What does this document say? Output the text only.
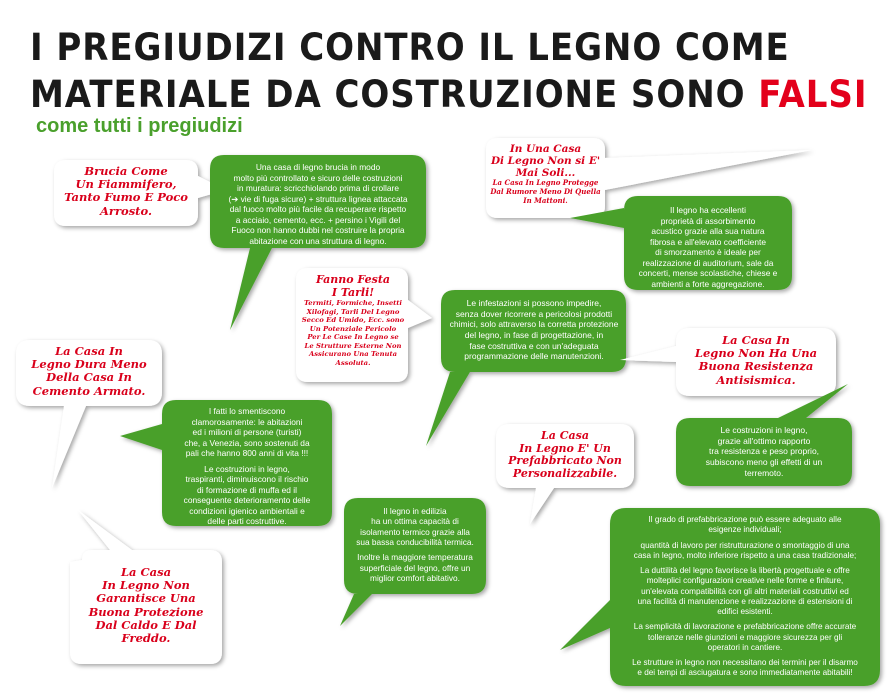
I PREGIUDIZI CONTRO IL LEGNO COME
MATERIALE DA COSTRUZIONE SONO FALSI
come tutti i pregiudizi
Brucia Come
Un Fiammifero,
Tanto Fumo E Poco
Arrosto.
In Una Casa
Di Legno Non si E'
Mai Soli...
La Casa In Legno Protegge
Dal Rumore Meno Di Quella
In Mattoni.
Fanno Festa
I Tarli!
Termiti, Formiche, Insetti
Xilofagi, Tarli Del Legno
Secco Ed Umido, Ecc. sono
Un Potenziale Pericolo
Per Le Case In Legno se
Le Strutture Esterne Non
Assicurano Una Tenuta
Assoluta.
La Casa In
Legno Dura Meno
Della Casa In
Cemento Armato.
La Casa In
Legno Non Ha Una
Buona Resistenza
Antisismica.
La Casa
In Legno E' Un
Prefabbricato Non
Personalizzabile.
La Casa
In Legno Non
Garantisce Una
Buona Protezione
Dal Caldo E Dal
Freddo.
Una casa di legno brucia in modo
molto più controllato e sicuro delle costruzioni
in muratura: scricchiolando prima di crollare
(➔ vie di fuga sicure) + struttura lignea attaccata
dal fuoco molto più facile da recuperare rispetto
a acciaio, cemento, ecc. + persino i Vigili del
Fuoco non hanno dubbi nel costruire la propria
abitazione con una struttura di legno.
Il legno ha eccellenti
proprietà di assorbimento
acustico grazie alla sua natura
fibrosa e all'elevato coefficiente
di smorzamento è ideale per
realizzazione di auditorium, sale da
concerti, mense scolastiche, chiese e
ambienti a forte aggregazione.
Le infestazioni si possono impedire,
senza dover ricorrere a pericolosi prodotti
chimici, solo attraverso la corretta protezione
del legno, in fase di progettazione, in
fase costruttiva e con un'adeguata
programmazione delle manutenzioni.

I fatti lo smentiscono
clamorosamente: le abitazioni
ed i milioni di persone (turisti)
che, a Venezia, sono sostenuti da
pali che hanno 800 anni di vita !!!

Le costruzioni in legno,
traspiranti, diminuiscono il rischio
di formazione di muffa ed il
conseguente deterioramento delle
condizioni igienico ambientali e
delle parti costruttive.

Le costruzioni in legno,
grazie all'ottimo rapporto
tra resistenza e peso proprio,
subiscono meno gli effetti di un
terremoto.

Il legno in edilizia
ha un ottima capacità di
isolamento termico grazie alla
sua bassa conducibilità termica.

Inoltre la maggiore temperatura
superficiale del legno, offre un
miglior comfort abitativo.

Il grado di prefabbricazione può essere adeguato alle
esigenze individuali;

quantità di lavoro per ristrutturazione o smontaggio di una
casa in legno, molto inferiore rispetto a una casa tradizionale;

La duttilità del legno favorisce la libertà progettuale e offre
molteplici configurazioni creative nelle forme e finiture,
un'elevata compatibilità con gli altri materiali costruttivi ed
una facilità di manutenzione e realizzazione di estensioni di
edifici esistenti.

La semplicità di lavorazione e prefabbricazione offre accurate
tolleranze nelle giunzioni e maggiore sicurezza per gli
operatori in cantiere.

Le strutture in legno non necessitano dei termini per il disarmo
e dei tempi di asciugatura e sono immediatamente abitabili!
